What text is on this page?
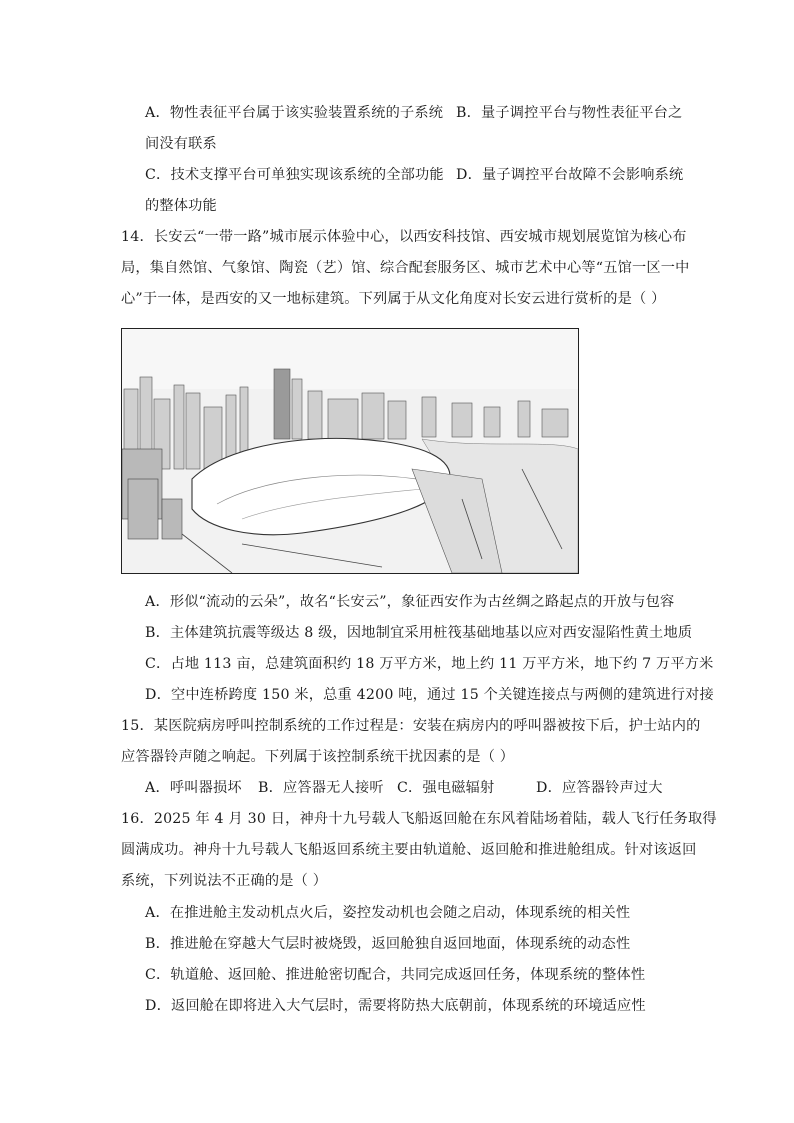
A．物性表征平台属于该实验装置系统的子系统 B．量子调控平台与物性表征平台之
间没有联系
C．技术支撑平台可单独实现该系统的全部功能 D．量子调控平台故障不会影响系统
的整体功能
14．长安云“一带一路”城市展示体验中心，以西安科技馆、西安城市规划展览馆为核心布
局，集自然馆、气象馆、陶瓷（艺）馆、综合配套服务区、城市艺术中心等“五馆一区一中
心”于一体，是西安的又一地标建筑。下列属于从文化角度对长安云进行赏析的是（ ）
A．形似“流动的云朵”，故名“长安云”，象征西安作为古丝绸之路起点的开放与包容
B．主体建筑抗震等级达 8 级，因地制宜采用桩筏基础地基以应对西安湿陷性黄土地质
C．占地 113 亩，总建筑面积约 18 万平方米，地上约 11 万平方米，地下约 7 万平方米
D．空中连桥跨度 150 米，总重 4200 吨，通过 15 个关键连接点与两侧的建筑进行对接
15．某医院病房呼叫控制系统的工作过程是：安装在病房内的呼叫器被按下后，护士站内的
应答器铃声随之响起。下列属于该控制系统干扰因素的是（ ）
A．呼叫器损坏 B．应答器无人接听 C．强电磁辐射	D．应答器铃声过大
16．2025 年 4 月 30 日，神舟十九号载人飞船返回舱在东风着陆场着陆，载人飞行任务取得
圆满成功。神舟十九号载人飞船返回系统主要由轨道舱、返回舱和推进舱组成。针对该返回
系统，下列说法不正确的是（ ）
A．在推进舱主发动机点火后，姿控发动机也会随之启动，体现系统的相关性
B．推进舱在穿越大气层时被烧毁，返回舱独自返回地面，体现系统的动态性
C．轨道舱、返回舱、推进舱密切配合，共同完成返回任务，体现系统的整体性
D．返回舱在即将进入大气层时，需要将防热大底朝前，体现系统的环境适应性
